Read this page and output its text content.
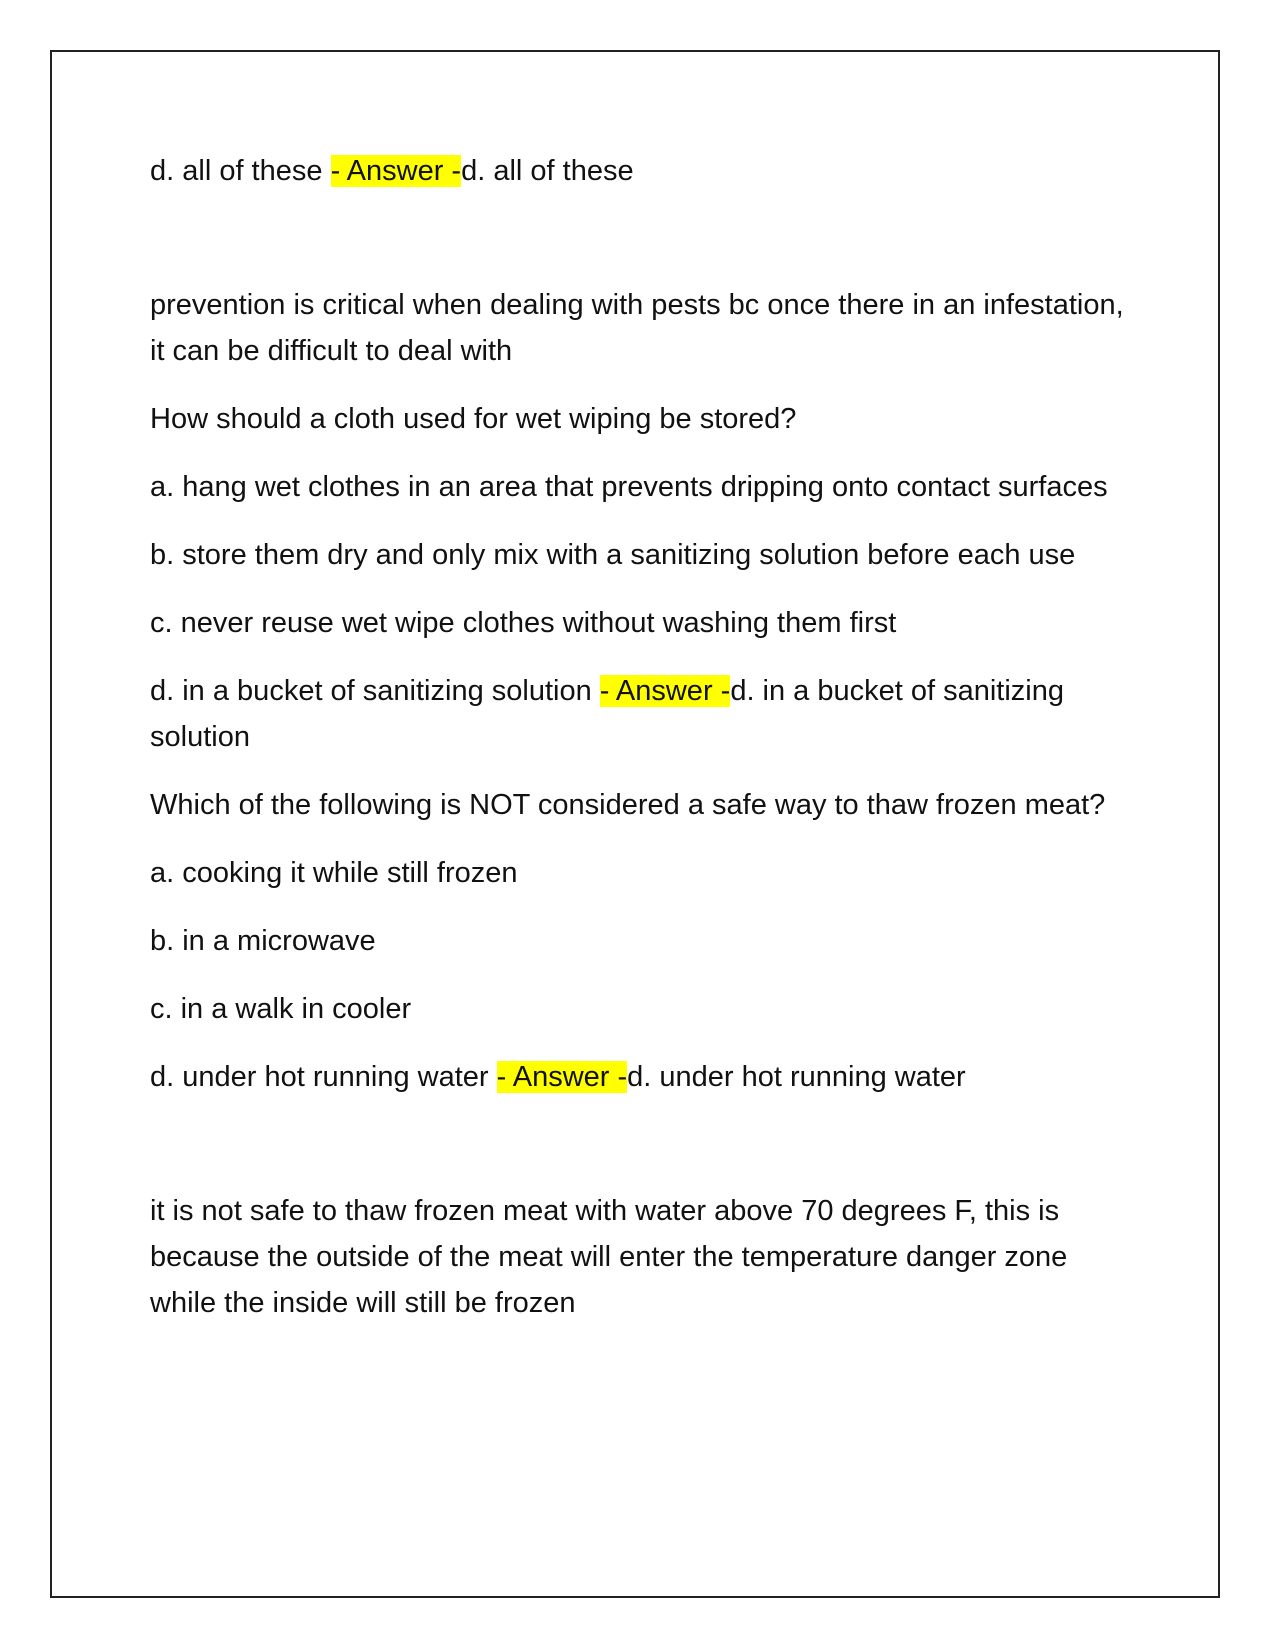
d. all of these - Answer -d. all of these

prevention is critical when dealing with pests bc once there in an infestation, it can be difficult to deal with

How should a cloth used for wet wiping be stored?

a. hang wet clothes in an area that prevents dripping onto contact surfaces

b. store them dry and only mix with a sanitizing solution before each use

c. never reuse wet wipe clothes without washing them first

d. in a bucket of sanitizing solution - Answer -d. in a bucket of sanitizing solution

Which of the following is NOT considered a safe way to thaw frozen meat?

a. cooking it while still frozen

b. in a microwave

c. in a walk in cooler

d. under hot running water - Answer -d. under hot running water

it is not safe to thaw frozen meat with water above 70 degrees F, this is because the outside of the meat will enter the temperature danger zone while the inside will still be frozen
